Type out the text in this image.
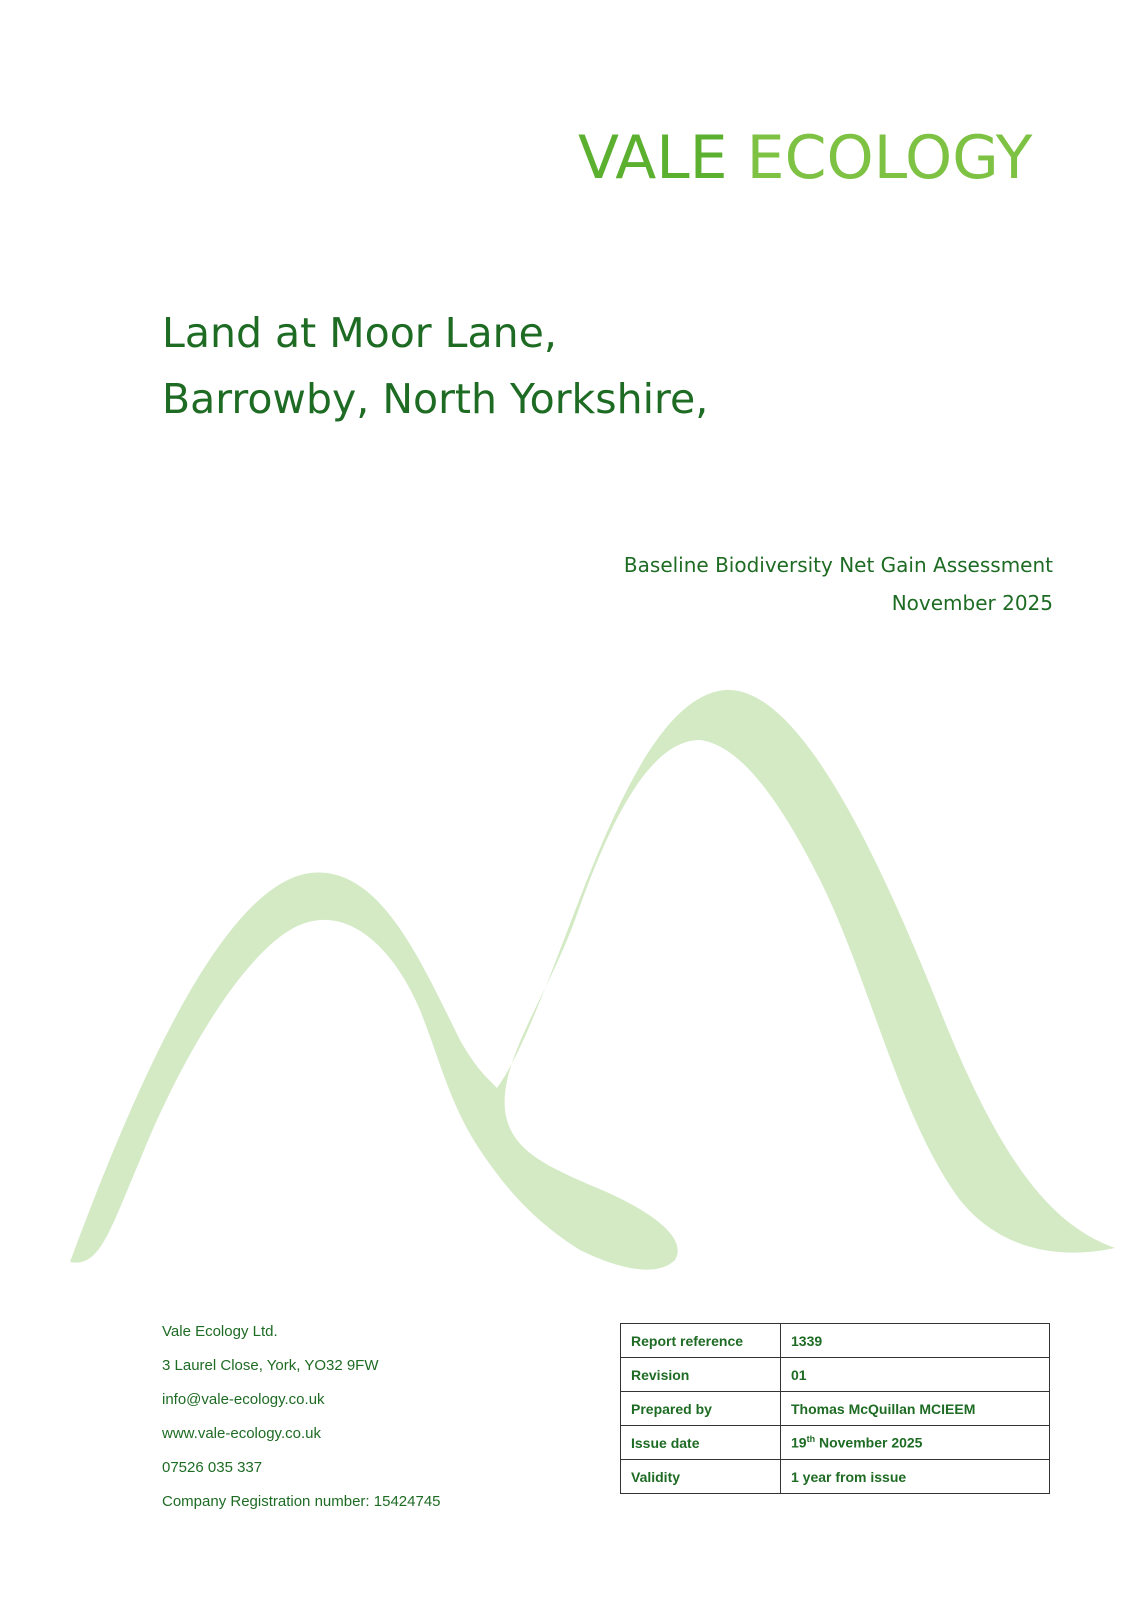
VALE ECOLOGY
Land at Moor Lane,
Barrowby, North Yorkshire,
Baseline Biodiversity Net Gain Assessment
November 2025
Vale Ecology Ltd.
3 Laurel Close, York, YO32 9FW
info@vale-ecology.co.uk
www.vale-ecology.co.uk
07526 035 337
Company Registration number: 15424745
Report reference	1339
Revision	01
Prepared by	Thomas McQuillan MCIEEM
Issue date	19th November 2025
Validity	1 year from issue
